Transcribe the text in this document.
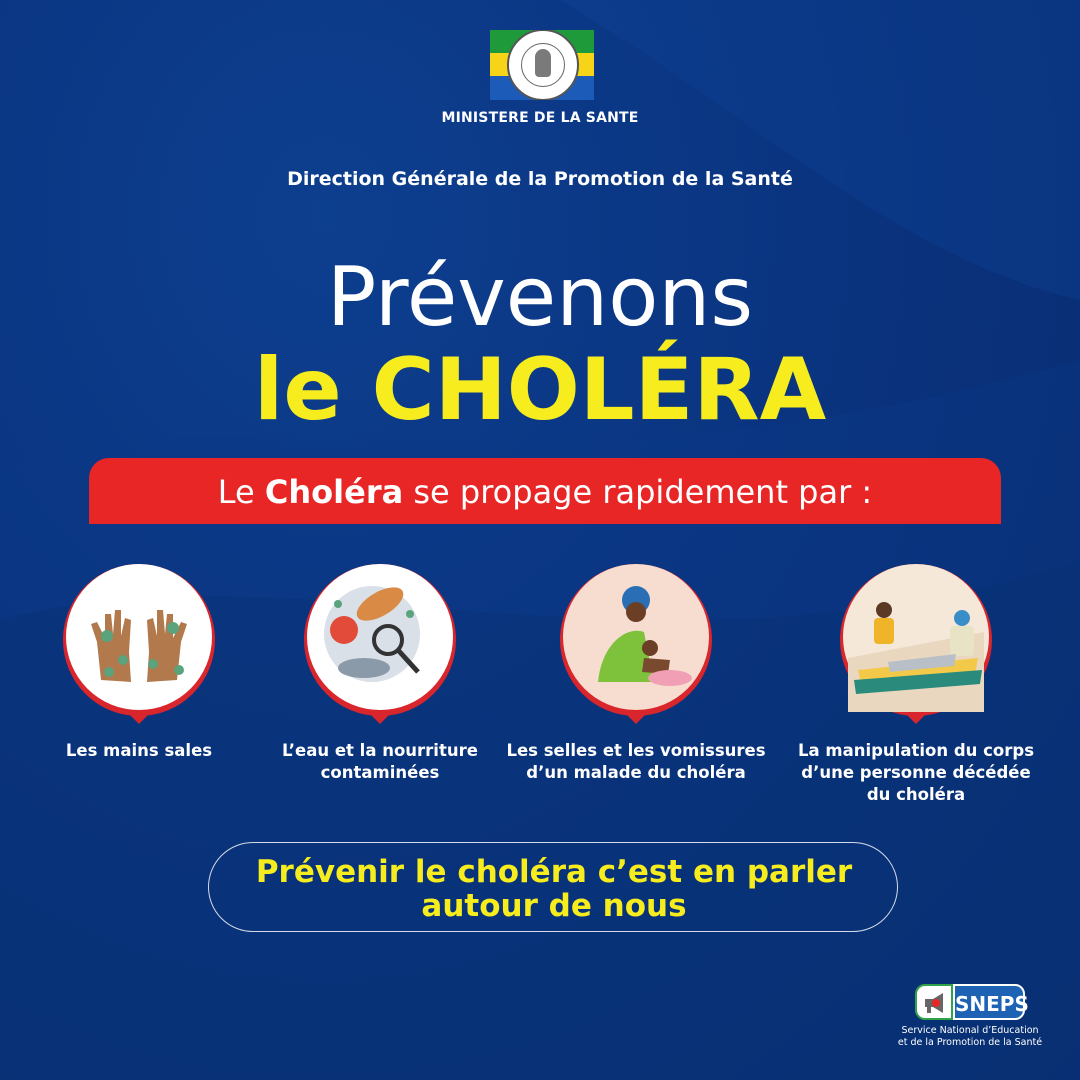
MINISTERE DE LA SANTE
Direction Générale de la Promotion de la Santé
Prévenons
le CHOLÉRA
Le Choléra se propage rapidement par :
Les mains sales	L’eau et la nourriture
contaminées
Les selles et les vomissures
d’un malade du choléra
La manipulation du corps
d’une personne décédée
du choléra
Prévenir le choléra c’est en parler
autour de nous
SNEPS
Service National d’Education
et de la Promotion de la Santé
